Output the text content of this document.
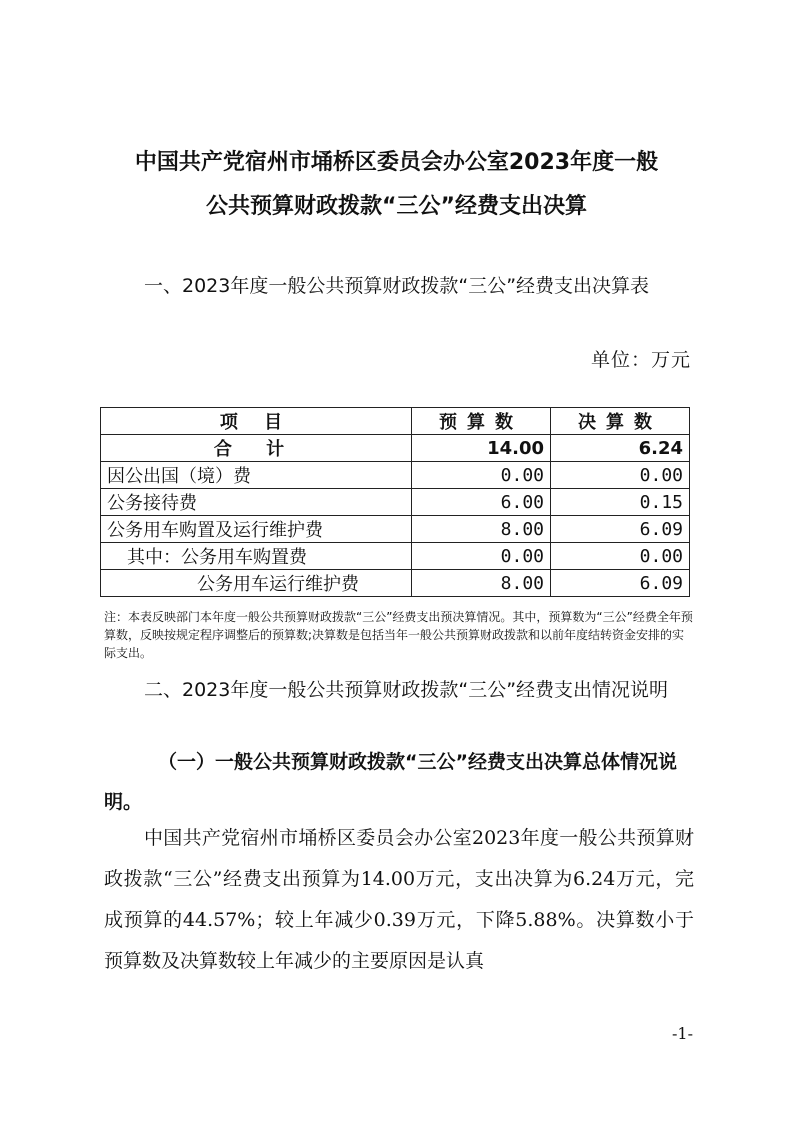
中国共产党宿州市埇桥区委员会办公室2023年度一般
公共预算财政拨款“三公”经费支出决算
一、2023年度一般公共预算财政拨款“三公”经费支出决算表
单位：万元
项 目	预算数	决算数
合 计	14.00	6.24
因公出国（境）费	0.00	0.00
公务接待费	6.00	0.15
公务用车购置及运行维护费	8.00	6.09
其中：公务用车购置费	0.00	0.00
公务用车运行维护费	8.00	6.09
注：本表反映部门本年度一般公共预算财政拨款“三公”经费支出预决算情况。其中，预算数为“三公”经费全年预算数，反映按规定程序调整后的预算数;决算数是包括当年一般公共预算财政拨款和以前年度结转资金安排的实际支出。
二、2023年度一般公共预算财政拨款“三公”经费支出情况说明
（一）一般公共预算财政拨款“三公”经费支出决算总体情况说明。
中国共产党宿州市埇桥区委员会办公室2023年度一般公共预算财政拨款“三公”经费支出预算为14.00万元，支出决算为6.24万元，完成预算的44.57%；较上年减少0.39万元，下降5.88%。决算数小于预算数及决算数较上年减少的主要原因是认真
-1-
